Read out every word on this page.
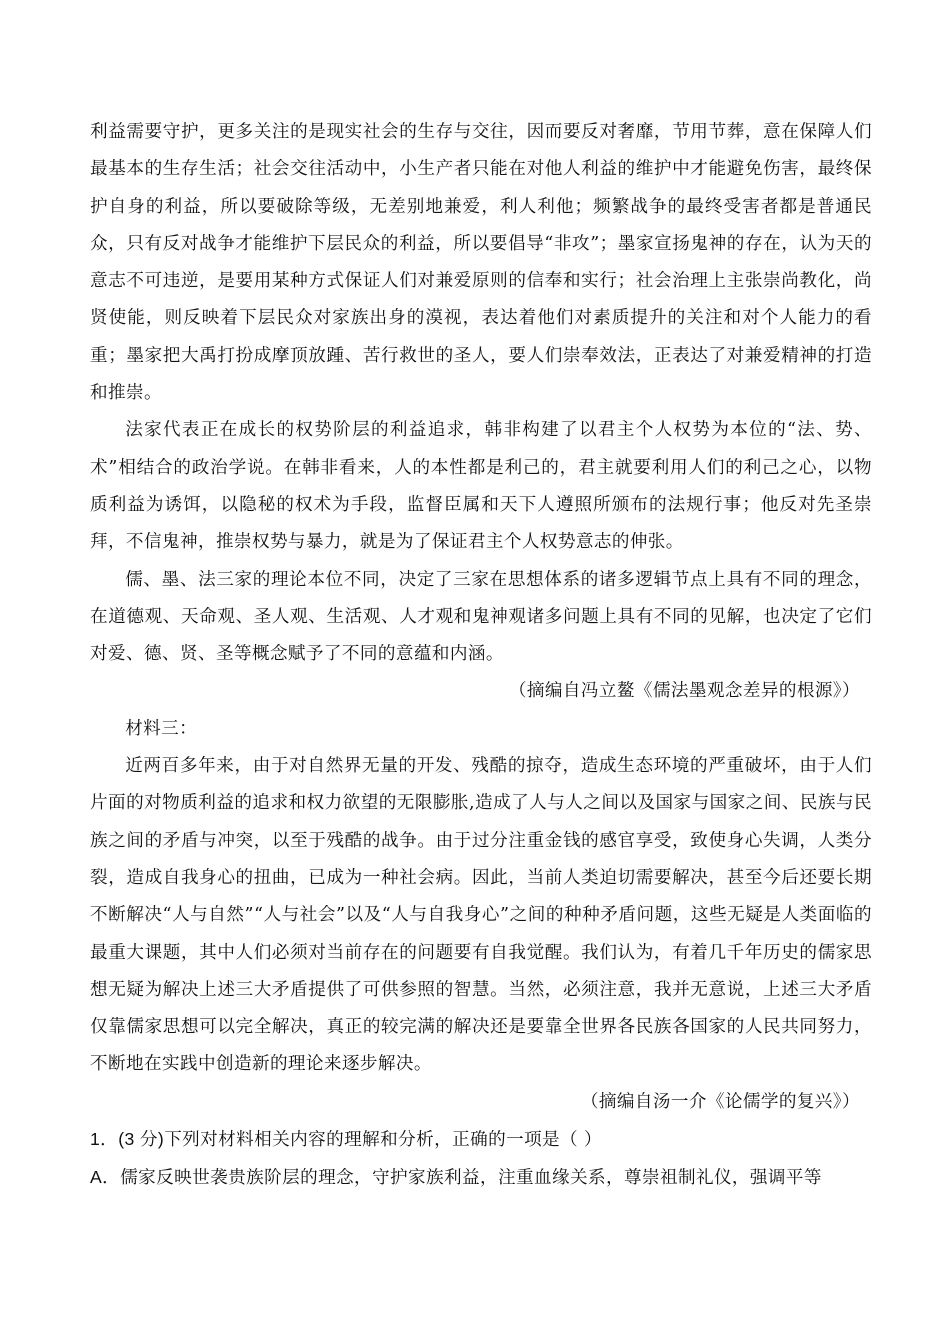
利益需要守护，更多关注的是现实社会的生存与交往，因而要反对奢靡，节用节葬，意在保障人们最基本的生存生活；社会交往活动中，小生产者只能在对他人利益的维护中才能避免伤害，最终保护自身的利益，所以要破除等级，无差别地兼爱，利人利他；频繁战争的最终受害者都是普通民众，只有反对战争才能维护下层民众的利益，所以要倡导“非攻”；墨家宣扬鬼神的存在，认为天的意志不可违逆，是要用某种方式保证人们对兼爱原则的信奉和实行；社会治理上主张崇尚教化，尚贤使能，则反映着下层民众对家族出身的漠视，表达着他们对素质提升的关注和对个人能力的看重；墨家把大禹打扮成摩顶放踵、苦行救世的圣人，要人们崇奉效法，正表达了对兼爱精神的打造和推崇。

法家代表正在成长的权势阶层的利益追求，韩非构建了以君主个人权势为本位的“法、势、术”相结合的政治学说。在韩非看来，人的本性都是利己的，君主就要利用人们的利己之心，以物质利益为诱饵，以隐秘的权术为手段，监督臣属和天下人遵照所颁布的法规行事；他反对先圣崇拜，不信鬼神，推崇权势与暴力，就是为了保证君主个人权势意志的伸张。

儒、墨、法三家的理论本位不同，决定了三家在思想体系的诸多逻辑节点上具有不同的理念，在道德观、天命观、圣人观、生活观、人才观和鬼神观诸多问题上具有不同的见解，也决定了它们对爱、德、贤、圣等概念赋予了不同的意蕴和内涵。

（摘编自冯立鳌《儒法墨观念差异的根源》）

材料三：

近两百多年来，由于对自然界无量的开发、残酷的掠夺，造成生态环境的严重破坏，由于人们片面的对物质利益的追求和权力欲望的无限膨胀,造成了人与人之间以及国家与国家之间、民族与民族之间的矛盾与冲突，以至于残酷的战争。由于过分注重金钱的感官享受，致使身心失调，人类分裂，造成自我身心的扭曲，已成为一种社会病。因此，当前人类迫切需要解决，甚至今后还要长期不断解决“人与自然”“人与社会”以及“人与自我身心”之间的种种矛盾问题，这些无疑是人类面临的最重大课题，其中人们必须对当前存在的问题要有自我觉醒。我们认为，有着几千年历史的儒家思想无疑为解决上述三大矛盾提供了可供参照的智慧。当然，必须注意，我并无意说，上述三大矛盾仅靠儒家思想可以完全解决，真正的较完满的解决还是要靠全世界各民族各国家的人民共同努力，不断地在实践中创造新的理论来逐步解决。

（摘编自汤一介《论儒学的复兴》）

1．(3 分)下列对材料相关内容的理解和分析，正确的一项是（ ）

A．儒家反映世袭贵族阶层的理念，守护家族利益，注重血缘关系，尊崇祖制礼仪，强调平等
